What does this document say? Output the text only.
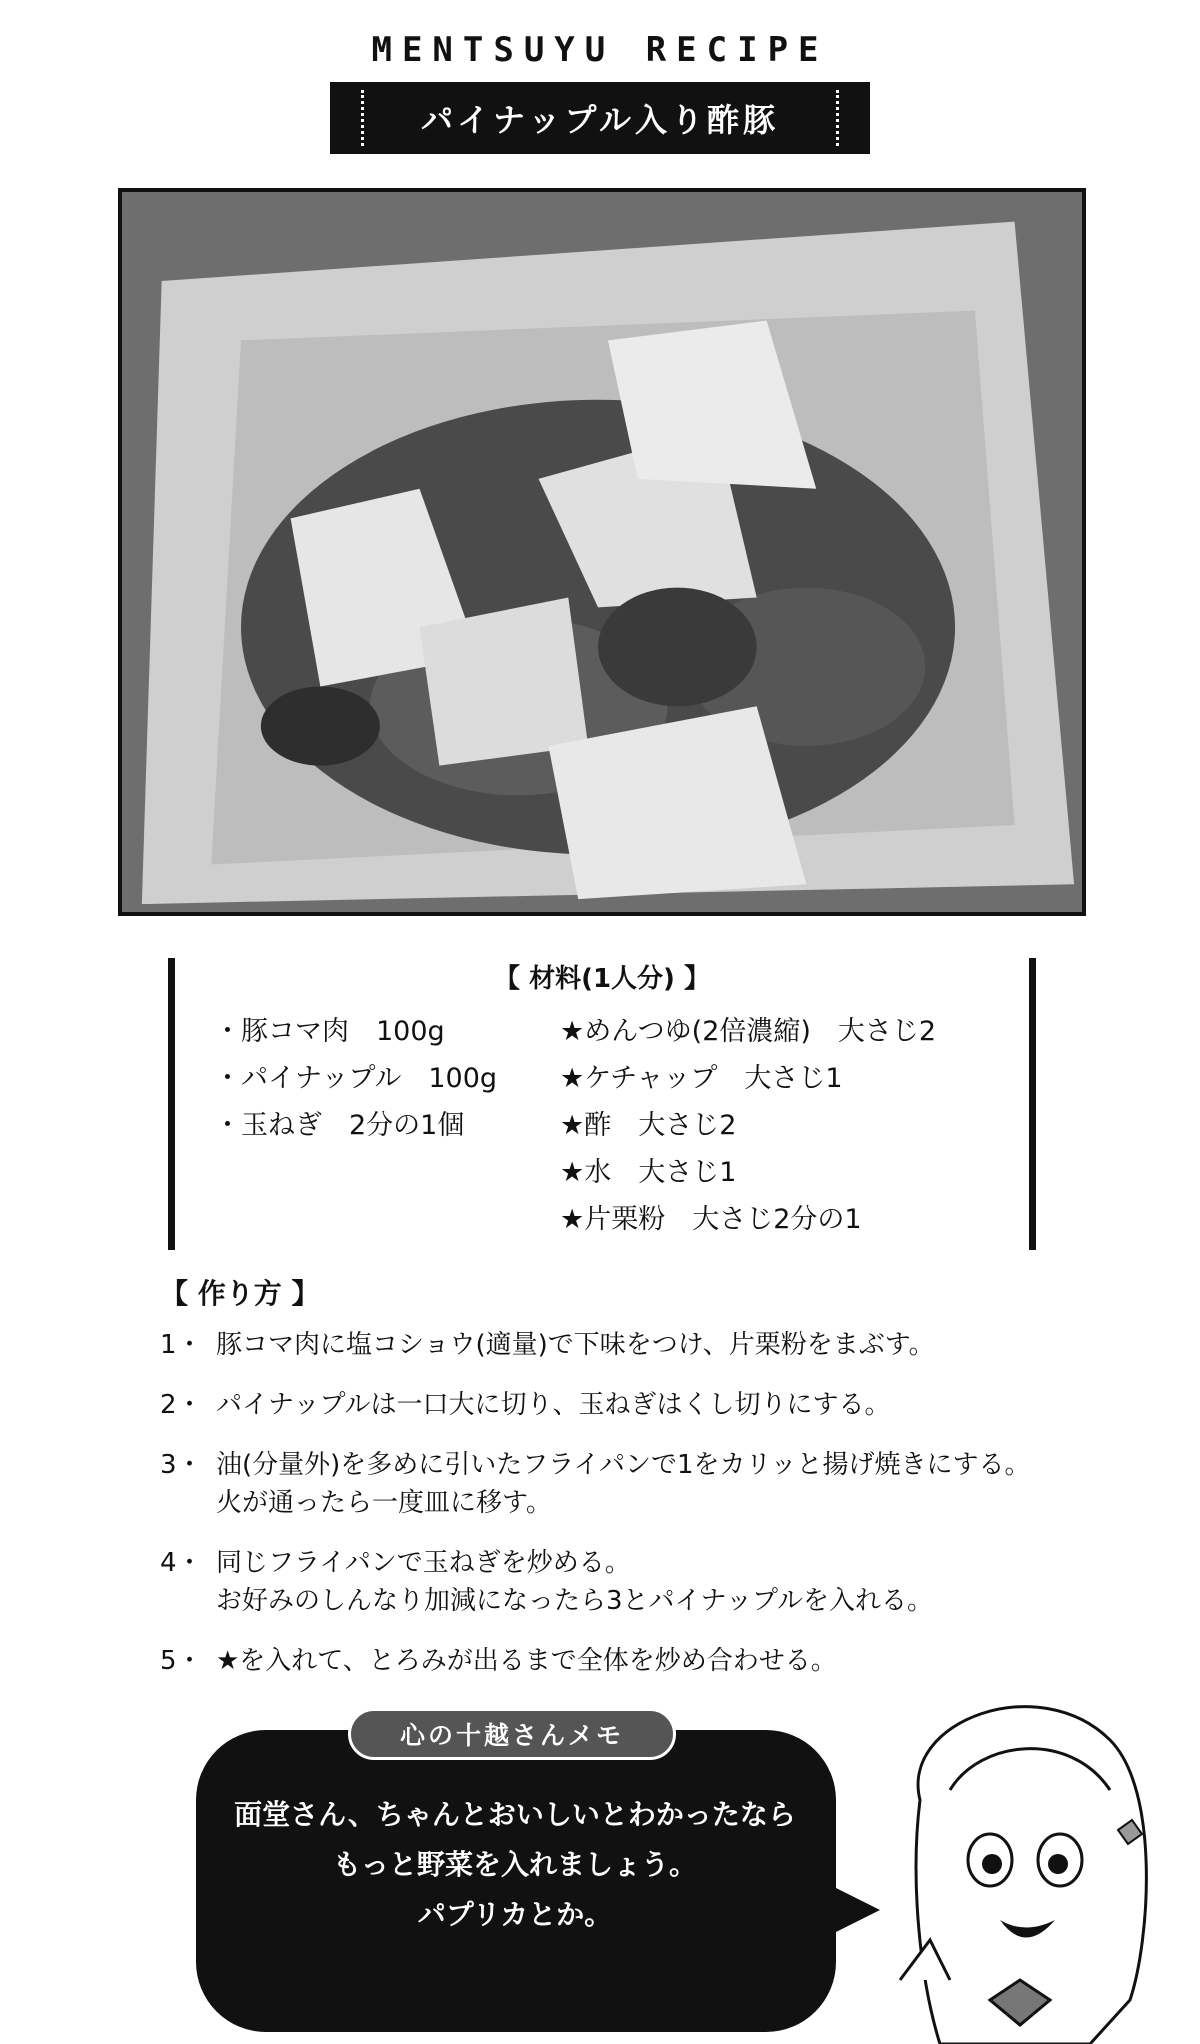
MENTSUYU RECIPE
パイナップル入り酢豚
【 材料(1人分) 】
・豚コマ肉　100g
・パイナップル　100g
・玉ねぎ　2分の1個
★めんつゆ(2倍濃縮)　大さじ2
★ケチャップ　大さじ1
★酢　大さじ2
★水　大さじ1
★片栗粉　大さじ2分の1
【 作り方 】
1・ 豚コマ肉に塩コショウ(適量)で下味をつけ、片栗粉をまぶす。
2・ パイナップルは一口大に切り、玉ねぎはくし切りにする。
3・ 油(分量外)を多めに引いたフライパンで1をカリッと揚げ焼きにする。
火が通ったら一度皿に移す。
4・ 同じフライパンで玉ねぎを炒める。
お好みのしんなり加減になったら3とパイナップルを入れる。
5・ ★を入れて、とろみが出るまで全体を炒め合わせる。
心の十越さんメモ
面堂さん、ちゃんとおいしいとわかったなら
もっと野菜を入れましょう。
パプリカとか。
